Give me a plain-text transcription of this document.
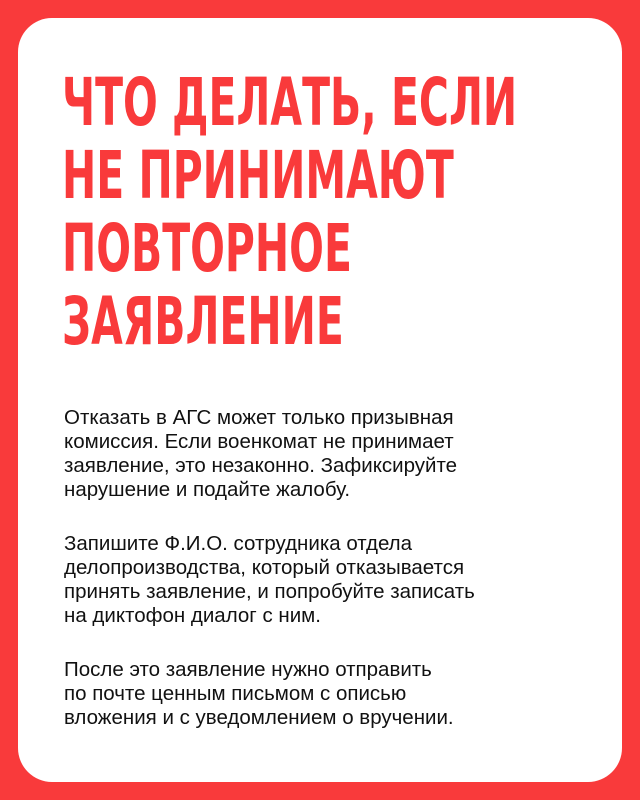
ЧТО ДЕЛАТЬ, ЕСЛИ
НЕ ПРИНИМАЮТ
ПОВТОРНОЕ
ЗАЯВЛЕНИЕ

Отказать в АГС может только призывная
комиссия. Если военкомат не принимает
заявление, это незаконно. Зафиксируйте
нарушение и подайте жалобу.

Запишите Ф.И.О. сотрудника отдела
делопроизводства, который отказывается
принять заявление, и попробуйте записать
на диктофон диалог с ним.

После это заявление нужно отправить
по почте ценным письмом с описью
вложения и с уведомлением о вручении.
